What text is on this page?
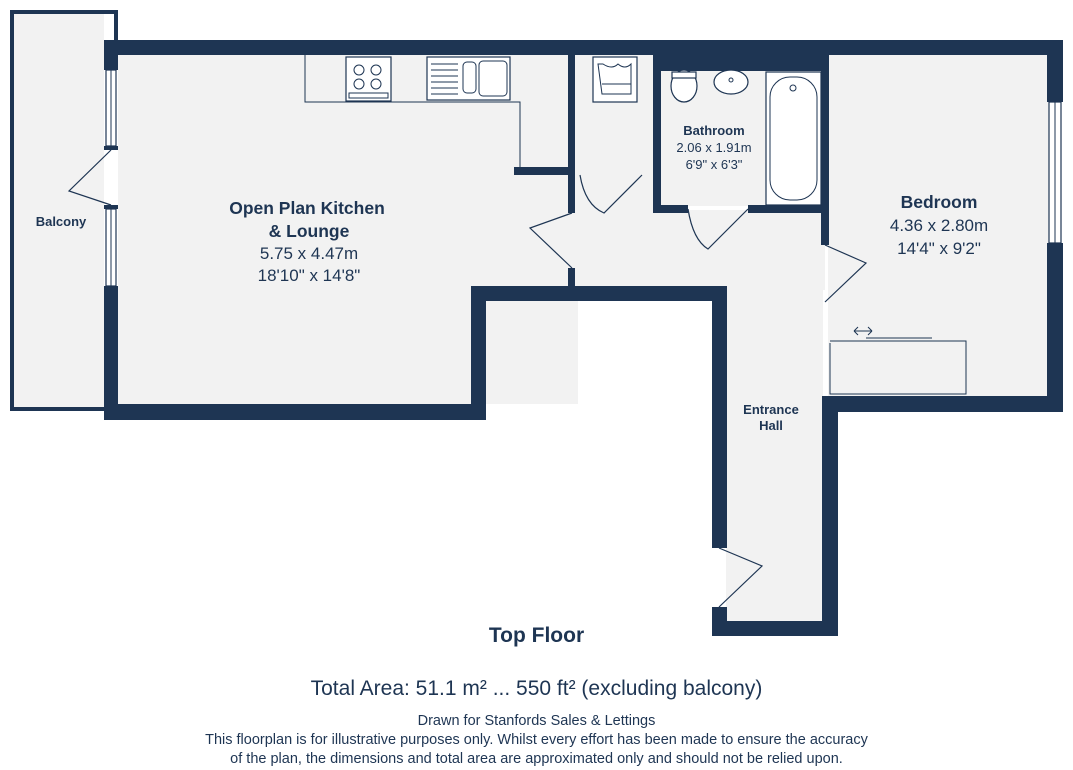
Open Plan Kitchen
& Lounge
5.75 x 4.47m
18'10" x 14'8"
Bathroom
2.06 x 1.91m
6'9" x 6'3"
Bedroom
4.36 x 2.80m
14'4" x 9'2"
Balcony
Entrance
Hall
Top Floor
Total Area: 51.1 m² ... 550 ft² (excluding balcony)
Drawn for Stanfords Sales & Lettings
This floorplan is for illustrative purposes only. Whilst every effort has been made to ensure the accuracy
of the plan, the dimensions and total area are approximated only and should not be relied upon.
